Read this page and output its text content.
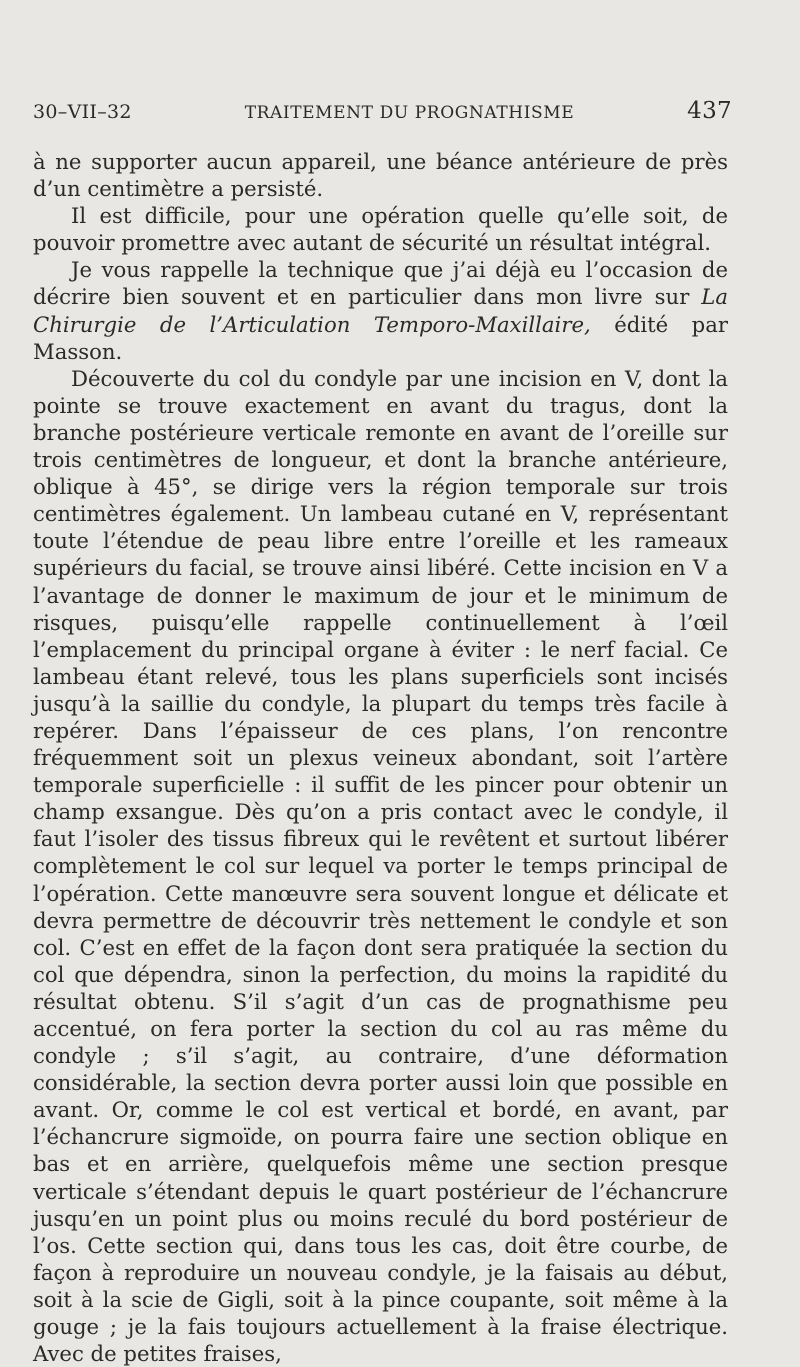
30–VII–32	TRAITEMENT DU PROGNATHISME	437

à ne supporter aucun appareil, une béance antérieure de près d’un centimètre a persisté.

Il est difficile, pour une opération quelle qu’elle soit, de pouvoir promettre avec autant de sécurité un résultat intégral.

Je vous rappelle la technique que j’ai déjà eu l’occasion de décrire bien souvent et en particulier dans mon livre sur La Chirurgie de l’Articulation Temporo-Maxillaire, édité par Masson.

Découverte du col du condyle par une incision en V, dont la pointe se trouve exactement en avant du tragus, dont la branche postérieure verticale remonte en avant de l’oreille sur trois centimètres de longueur, et dont la branche antérieure, oblique à 45°, se dirige vers la région temporale sur trois centimètres également. Un lambeau cutané en V, représentant toute l’étendue de peau libre entre l’oreille et les rameaux supérieurs du facial, se trouve ainsi libéré. Cette incision en V a l’avantage de donner le maximum de jour et le minimum de risques, puisqu’elle rappelle continuellement à l’œil l’emplacement du principal organe à éviter : le nerf facial. Ce lambeau étant relevé, tous les plans superficiels sont incisés jusqu’à la saillie du condyle, la plupart du temps très facile à repérer. Dans l’épaisseur de ces plans, l’on rencontre fréquemment soit un plexus veineux abondant, soit l’artère temporale superficielle : il suffit de les pincer pour obtenir un champ exsangue. Dès qu’on a pris contact avec le condyle, il faut l’isoler des tissus fibreux qui le revêtent et surtout libérer complètement le col sur lequel va porter le temps principal de l’opération. Cette manœuvre sera souvent longue et délicate et devra permettre de découvrir très nettement le condyle et son col. C’est en effet de la façon dont sera pratiquée la section du col que dépendra, sinon la perfection, du moins la rapidité du résultat obtenu. S’il s’agit d’un cas de prognathisme peu accentué, on fera porter la section du col au ras même du condyle ; s’il s’agit, au contraire, d’une déformation considérable, la section devra porter aussi loin que possible en avant. Or, comme le col est vertical et bordé, en avant, par l’échancrure sigmoïde, on pourra faire une section oblique en bas et en arrière, quelquefois même une section presque verticale s’étendant depuis le quart postérieur de l’échancrure jusqu’en un point plus ou moins reculé du bord postérieur de l’os. Cette section qui, dans tous les cas, doit être courbe, de façon à reproduire un nouveau condyle, je la faisais au début, soit à la scie de Gigli, soit à la pince coupante, soit même à la gouge ; je la fais toujours actuellement à la fraise électrique. Avec de petites fraises,
